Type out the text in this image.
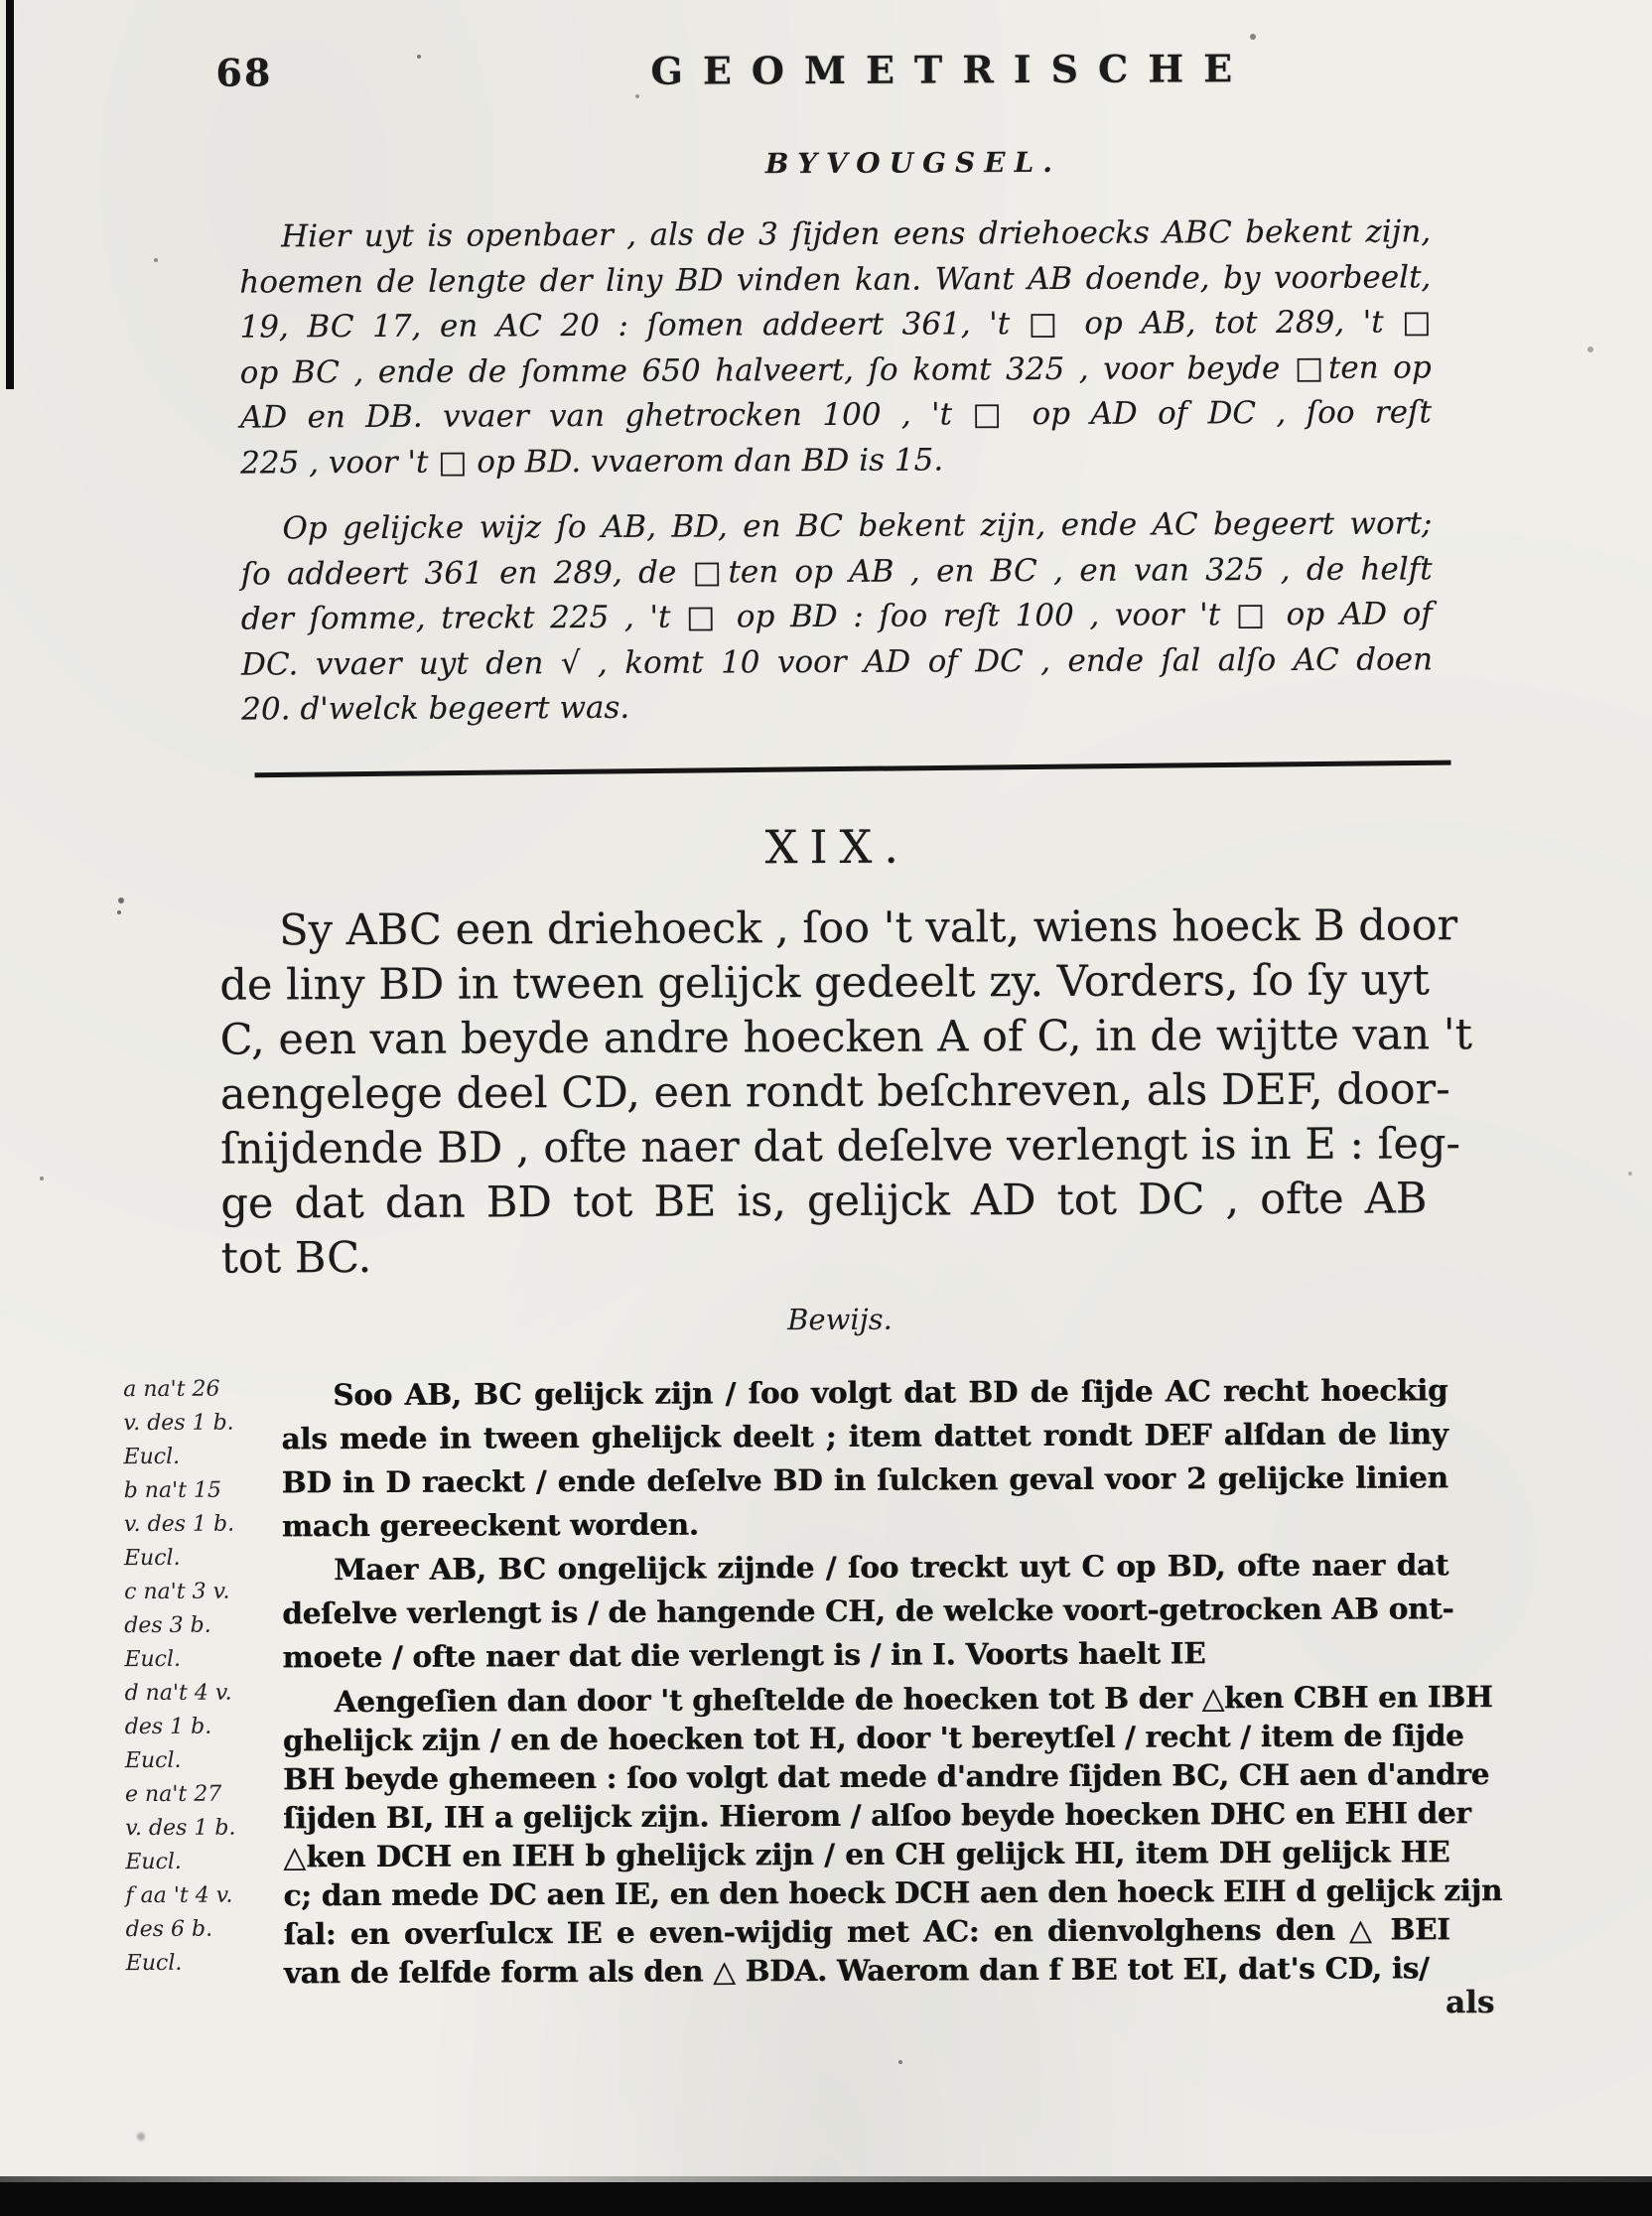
68	GEOMETRISCHE
BYVOUGSEL.
Hier uyt is openbaer , als de 3 ſijden eens driehoecks ABC bekent zijn,
hoemen de lengte der liny BD vinden kan. Want AB doende, by voorbeelt,
19, BC 17, en AC 20 : ſomen addeert 361, 't □ op AB, tot 289, 't □
op BC , ende de ſomme 650 halveert, ſo komt 325 , voor beyde □ten op
AD en DB. vvaer van ghetrocken 100 , 't □ op AD of DC , ſoo reſt
225 , voor 't □ op BD. vvaerom dan BD is 15.
Op gelijcke wijz ſo AB, BD, en BC bekent zijn, ende AC begeert wort;
ſo addeert 361 en 289, de □ten op AB , en BC , en van 325 , de helft
der ſomme, treckt 225 , 't □ op BD : ſoo reſt 100 , voor 't □ op AD of
DC. vvaer uyt den √ , komt 10 voor AD of DC , ende ſal alſo AC doen
20. d'welck begeert was.
XIX.
Sy ABC een driehoeck , ſoo 't valt, wiens hoeck B door
de liny BD in tween gelijck gedeelt zy. Vorders, ſo ſy uyt
C, een van beyde andre hoecken A of C, in de wijtte van 't
aengelege deel CD, een rondt beſchreven, als DEF, door-
ſnijdende BD , ofte naer dat deſelve verlengt is in E : ſeg-
ge dat dan BD tot BE is, gelijck AD tot DC , ofte AB
tot BC.
Bewijs.
a na't 26
v. des 1 b.
Eucl.
b na't 15
v. des 1 b.
Eucl.
c na't 3 v.
des 3 b.
Eucl.
d na't 4 v.
des 1 b.
Eucl.
e na't 27
v. des 1 b.
Eucl.
f aa 't 4 v.
des 6 b.
Eucl.
Soo AB, BC gelijck zijn / ſoo volgt dat BD de ſijde AC recht hoeckig
als mede in tween ghelijck deelt ; item dattet rondt DEF alſdan de liny
BD in D raeckt / ende deſelve BD in ſulcken geval voor 2 gelijcke linien
mach gereeckent worden.
Maer AB, BC ongelijck zijnde / ſoo treckt uyt C op BD, ofte naer dat
deſelve verlengt is / de hangende CH, de welcke voort-getrocken AB ont-
moete / ofte naer dat die verlengt is / in I. Voorts haelt IE
Aengeſien dan door 't gheſtelde de hoecken tot B der △ken CBH en IBH
ghelijck zijn / en de hoecken tot H, door 't bereytſel / recht / item de ſijde
BH beyde ghemeen : ſoo volgt dat mede d'andre ſijden BC, CH aen d'andre
ſijden BI, IH a gelijck zijn. Hierom / alſoo beyde hoecken DHC en EHI der
△ken DCH en IEH b ghelijck zijn / en CH gelijck HI, item DH gelijck HE
c; dan mede DC aen IE, en den hoeck DCH aen den hoeck EIH d gelijck zijn
ſal: en overſulcx IE e even-wijdig met AC: en dienvolghens den △ BEI
van de ſelfde form als den △ BDA. Waerom dan f BE tot EI, dat's CD, is/
als
